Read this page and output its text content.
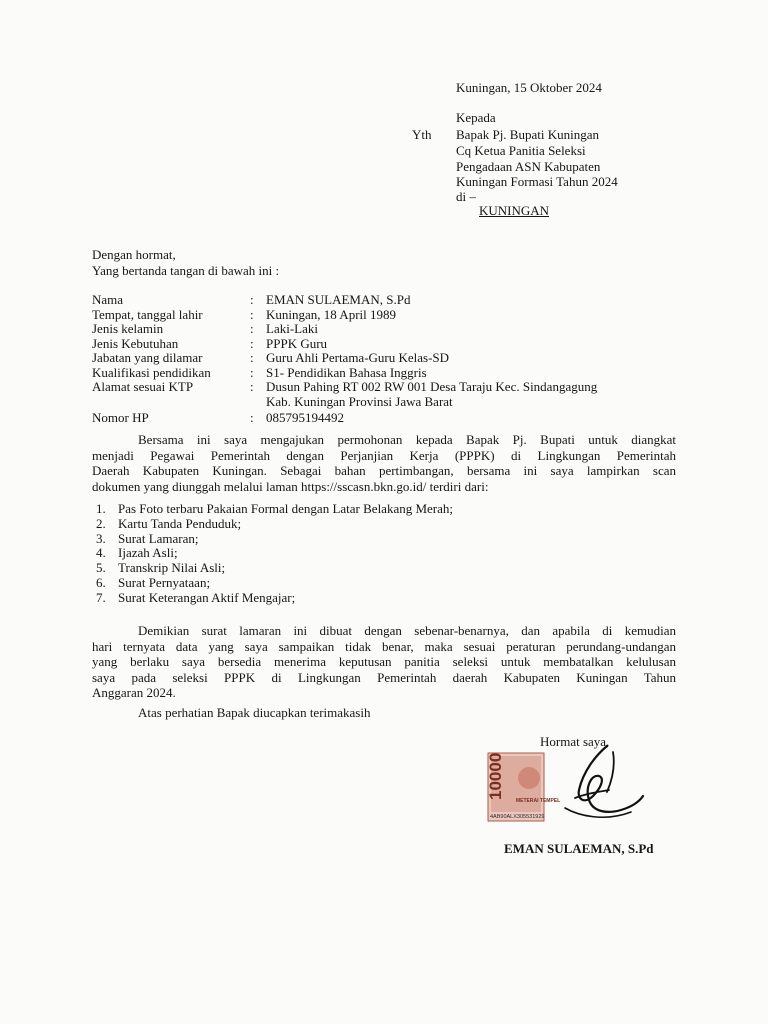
Kuningan, 15 Oktober 2024
Kepada
Yth Bapak Pj. Bupati Kuningan
Cq Ketua Panitia Seleksi
Pengadaan ASN Kabupaten
Kuningan Formasi Tahun 2024
di –
KUNINGAN
Dengan hormat,
Yang bertanda tangan di bawah ini :
Nama	: EMAN SULAEMAN, S.Pd
Tempat, tanggal lahir	: Kuningan, 18 April 1989
Jenis kelamin	: Laki-Laki
Jenis Kebutuhan	: PPPK Guru
Jabatan yang dilamar	: Guru Ahli Pertama-Guru Kelas-SD
Kualifikasi pendidikan	: S1- Pendidikan Bahasa Inggris
Alamat sesuai KTP	: Dusun Pahing RT 002 RW 001 Desa Taraju Kec. Sindangagung
Kab. Kuningan Provinsi Jawa Barat
Nomor HP	: 085795194492
Bersama ini saya mengajukan permohonan kepada Bapak Pj. Bupati untuk diangkat
menjadi Pegawai Pemerintah dengan Perjanjian Kerja (PPPK) di Lingkungan Pemerintah
Daerah Kabupaten Kuningan. Sebagai bahan pertimbangan, bersama ini saya lampirkan scan
dokumen yang diunggah melalui laman https://sscasn.bkn.go.id/ terdiri dari:
1. Pas Foto terbaru Pakaian Formal dengan Latar Belakang Merah;
2. Kartu Tanda Penduduk;
3. Surat Lamaran;
4. Ijazah Asli;
5. Transkrip Nilai Asli;
6. Surat Pernyataan;
7. Surat Keterangan Aktif Mengajar;
Demikian surat lamaran ini dibuat dengan sebenar-benarnya, dan apabila di kemudian
hari ternyata data yang saya sampaikan tidak benar, maka sesuai peraturan perundang-undangan
yang berlaku saya bersedia menerima keputusan panitia seleksi untuk membatalkan kelulusan
saya pada seleksi PPPK di Lingkungan Pemerintah daerah Kabupaten Kuningan Tahun
Anggaran 2024.
Atas perhatian Bapak diucapkan terimakasih
Hormat saya,
10000
METERAI TEMPEL
4AB90ALX305531929
EMAN SULAEMAN, S.Pd
